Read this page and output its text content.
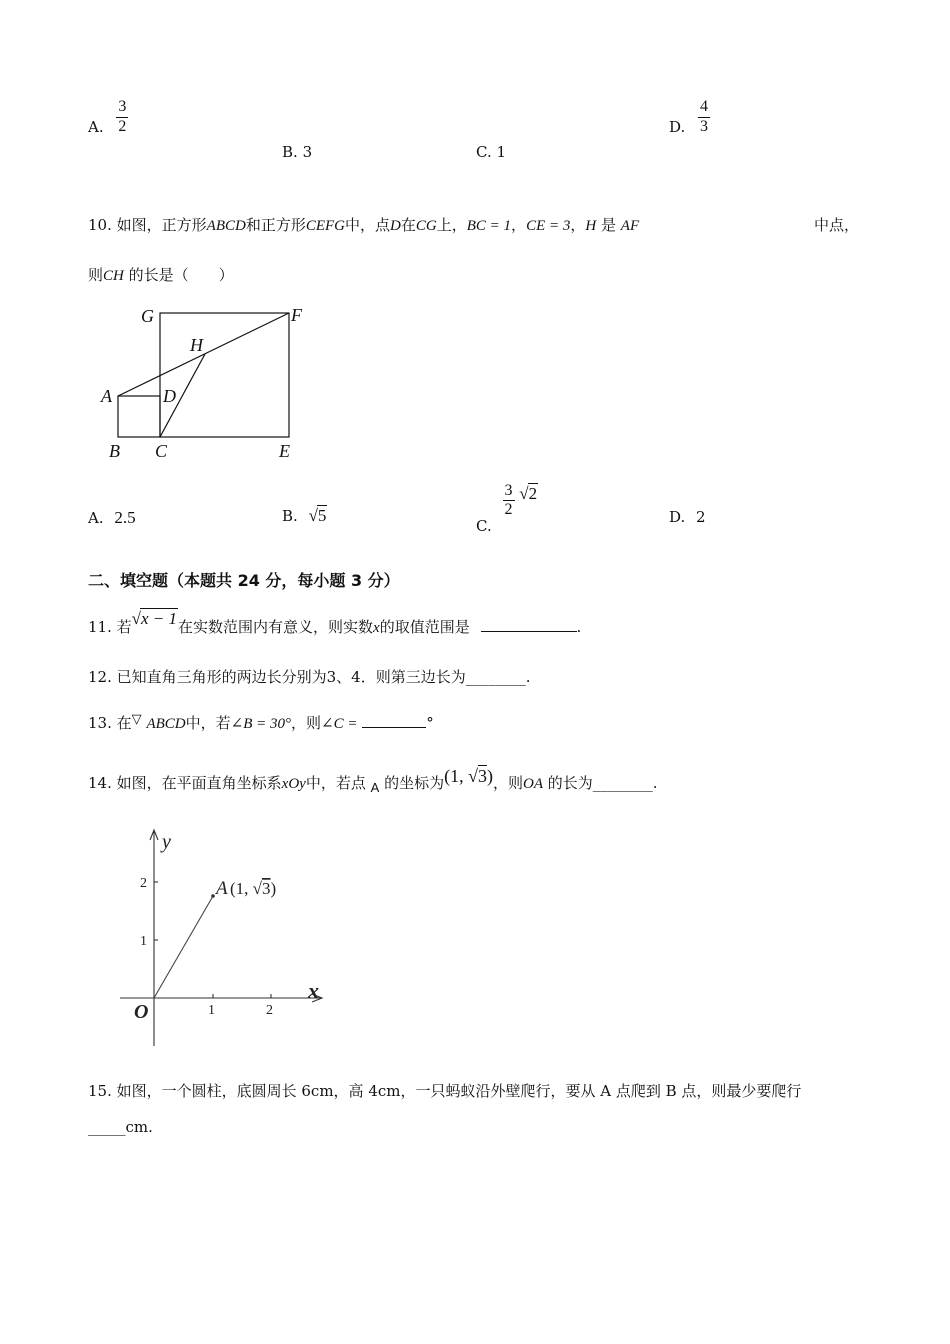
A. $\frac{3}{2}$
B. 3	C. 1
D. $\frac{4}{3}$
10. 如图，正方形ABCD和正方形CEFG中，点D在CG上，BC = 1，CE = 3，H 是 AF	中点，
则CH 的长是（　　）
G	F
H
A	D
B C	E
A. 2.5	B. √5
C.
$\frac{3}{2} √2$
D. 2
二、填空题（本题共 24 分，每小题 3 分）
11. 若√x − 1在实数范围内有意义，则实数x的取值范围是	.
12. 已知直角三角形的两边长分别为3、4．则第三边长为________.
13. 在▽ ABCD中，若∠B = 30°，则∠C =	°
14. 如图，在平面直角坐标系xOy中，若点 A 的坐标为(1, √3)，则OA 的长为________.
y
x
O	1	2
1
2	A (1, √3)
15. 如图，一个圆柱，底圆周长 6cm，高 4cm，一只蚂蚁沿外壁爬行，要从 A 点爬到 B 点，则最少要爬行
_____cm.
